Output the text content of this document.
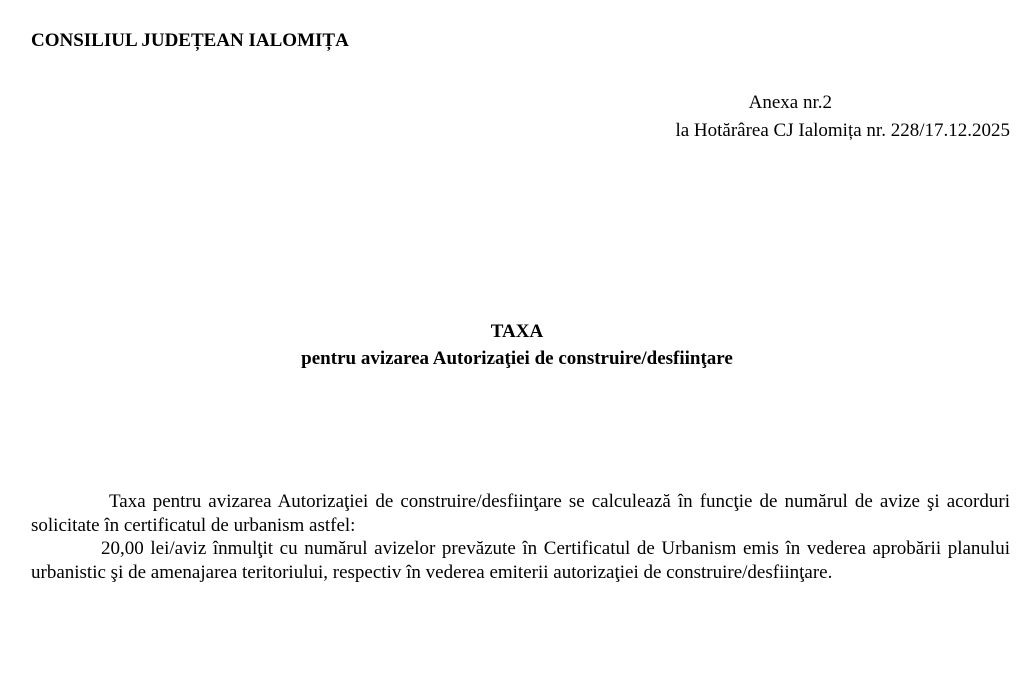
CONSILIUL JUDEȚEAN IALOMIȚA
Anexa nr.2
la Hotărârea CJ Ialomița nr. 228/17.12.2025
TAXA
pentru avizarea Autorizaţiei de construire/desfiinţare

Taxa pentru avizarea Autorizaţiei de construire/desfiinţare se calculează în funcţie de numărul de avize şi acorduri solicitate în certificatul de urbanism astfel:

20,00 lei/aviz înmulţit cu numărul avizelor prevăzute în Certificatul de Urbanism emis în vederea aprobării planului urbanistic şi de amenajarea teritoriului, respectiv în vederea emiterii autorizaţiei de construire/desfiinţare.
